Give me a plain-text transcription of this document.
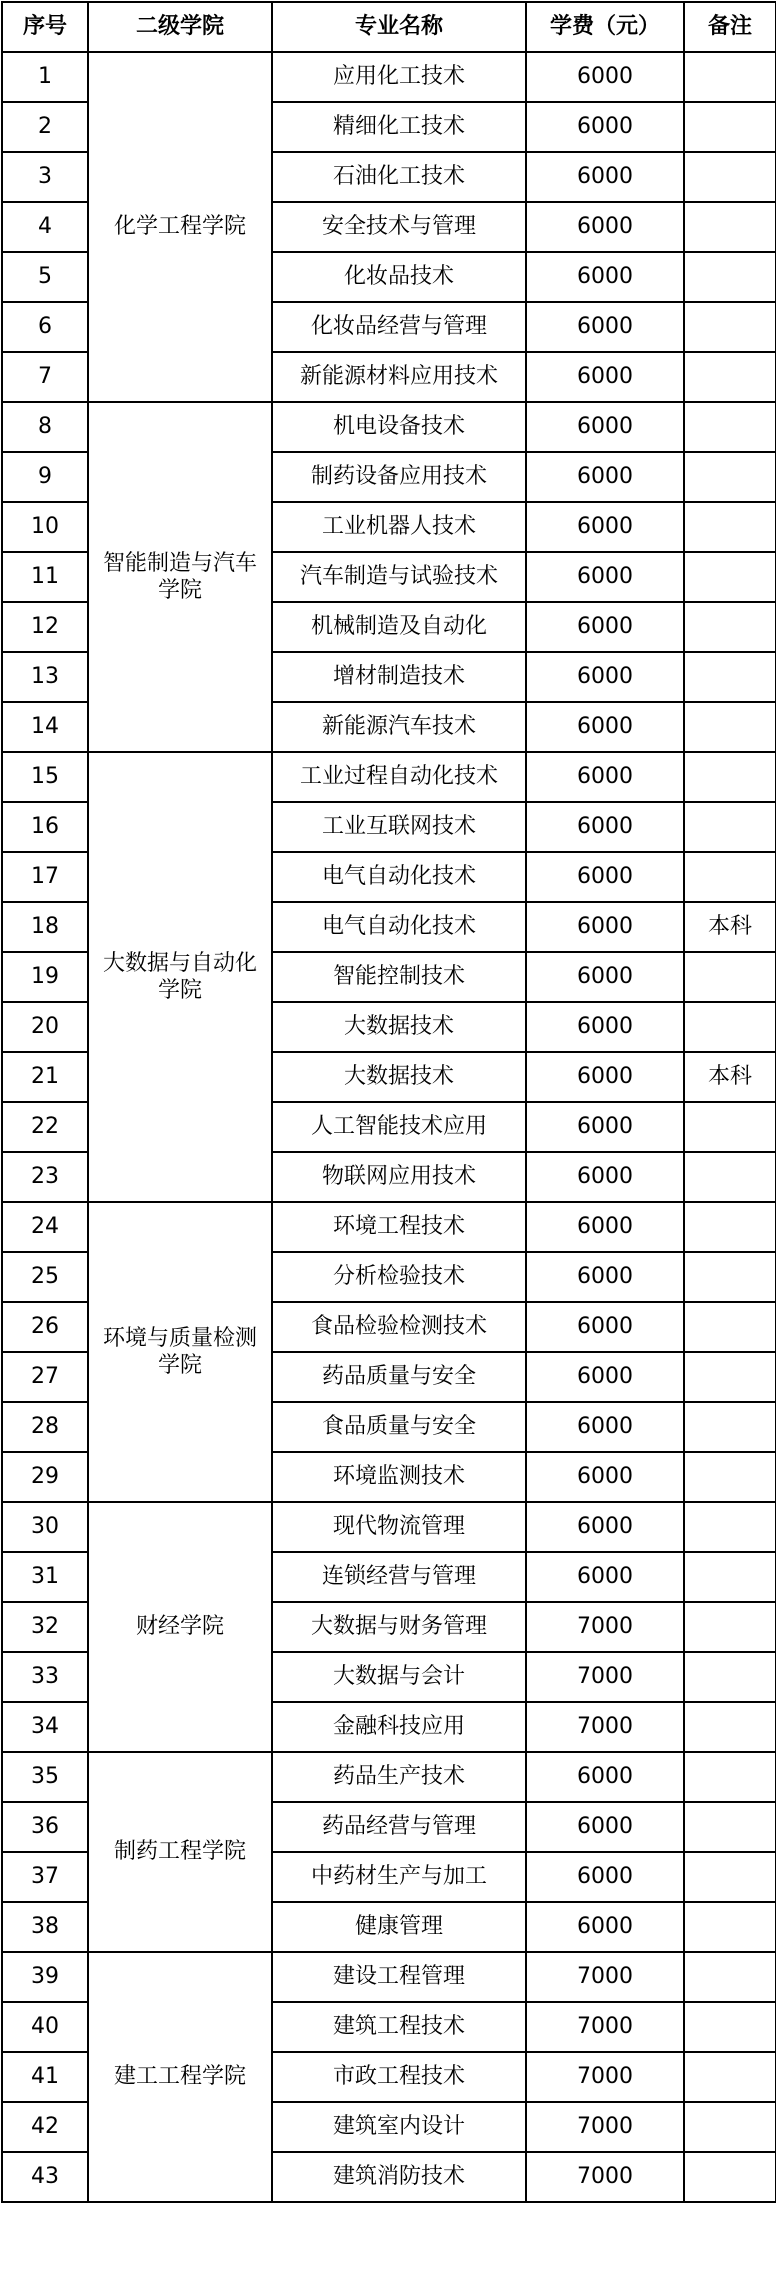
序号	二级学院	专业名称	学费（元）	备注
1	化学工程学院	应用化工技术	6000	
2		精细化工技术	6000	
3		石油化工技术	6000	
4		安全技术与管理	6000	
5		化妆品技术	6000	
6		化妆品经营与管理	6000	
7		新能源材料应用技术	6000	
8	智能制造与汽车学院	机电设备技术	6000	
9		制药设备应用技术	6000	
10		工业机器人技术	6000	
11		汽车制造与试验技术	6000	
12		机械制造及自动化	6000	
13		增材制造技术	6000	
14		新能源汽车技术	6000	
15	大数据与自动化学院	工业过程自动化技术	6000	
16		工业互联网技术	6000	
17		电气自动化技术	6000	
18		电气自动化技术	6000	本科
19		智能控制技术	6000	
20		大数据技术	6000	
21		大数据技术	6000	本科
22		人工智能技术应用	6000	
23		物联网应用技术	6000	
24	环境与质量检测学院	环境工程技术	6000	
25		分析检验技术	6000	
26		食品检验检测技术	6000	
27		药品质量与安全	6000	
28		食品质量与安全	6000	
29		环境监测技术	6000	
30	财经学院	现代物流管理	6000	
31		连锁经营与管理	6000	
32		大数据与财务管理	7000	
33		大数据与会计	7000	
34		金融科技应用	7000	
35	制药工程学院	药品生产技术	6000	
36		药品经营与管理	6000	
37		中药材生产与加工	6000	
38		健康管理	6000	
39	建工工程学院	建设工程管理	7000	
40		建筑工程技术	7000	
41		市政工程技术	7000	
42		建筑室内设计	7000	
43		建筑消防技术	7000	
